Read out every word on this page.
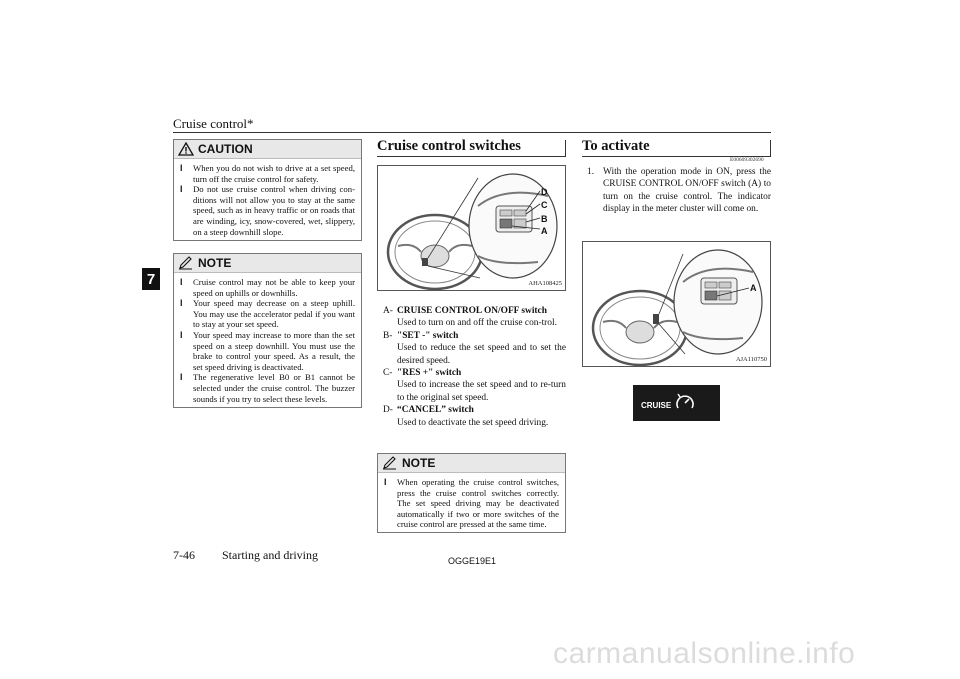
Cruise control*
7
CAUTION
l When you do not wish to drive at a set speed, turn off the cruise control for safety.
l Do not use cruise control when driving con-ditions will not allow you to stay at the same speed, such as in heavy traffic or on roads that are winding, icy, snow-covered, wet, slippery, on a steep downhill slope.
NOTE
l Cruise control may not be able to keep your speed on uphills or downhills.
l Your speed may decrease on a steep uphill. You may use the accelerator pedal if you want to stay at your set speed.
l Your speed may increase to more than the set speed on a steep downhill. You must use the brake to control your speed. As a result, the set speed driving is deactivated.
l The regenerative level B0 or B1 cannot be selected under the cruise control. The buzzer sounds if you try to select these levels.
Cruise control switches
D
C
B
A
AHA108425
A- CRUISE CONTROL ON/OFF switch
Used to turn on and off the cruise con-trol.
B- "SET -" switch
Used to reduce the set speed and to set the desired speed.
C- "RES +" switch
Used to increase the set speed and to re-turn to the original set speed.
D- “CANCEL” switch
Used to deactivate the set speed driving.
NOTE
l When operating the cruise control switches, press the cruise control switches correctly. The set speed driving may be deactivated automatically if two or more switches of the cruise control are pressed at the same time.
To activate
E00609302690
1. With the operation mode in ON, press the CRUISE CONTROL ON/OFF switch (A) to turn on the cruise control. The indicator display in the meter cluster will come on.
A
AJA110750
CRUISE
7-46 Starting and driving	OGGE19E1
carmanualsonline.info
